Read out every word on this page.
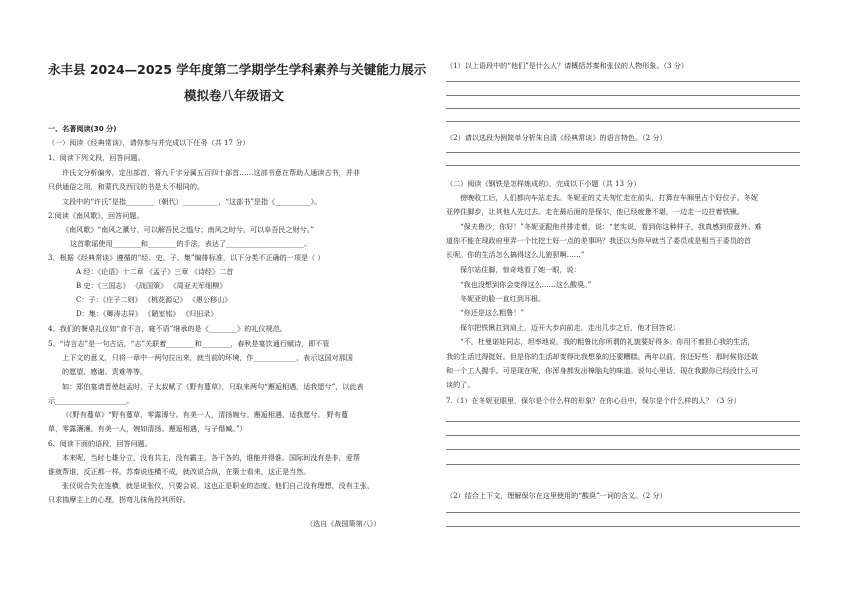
永丰县 2024—2025 学年度第二学期学生学科素养与关键能力展示
模拟卷八年级语文
一、名著阅读(30 分)
（一）阅读《经典常谈》，请你参与并完成以下任务（共 17 分）
1、阅读下列文段，回答问题。
许氏文分析偏旁，定出部首，将九千字分属五百四十部首……这部书意在帮助人通读古书，并非
只供通俗之用，和蒙代及西汉的书是大不相同的。
文段中的“许氏”是指________（朝代）__________，“这部书”是指《__________》。
2.阅读《南风歌》，回答问题。
《南风歌》“南风之薰兮，可以解吾民之愠兮；南风之时兮，可以阜吾民之财兮。”
这首歌谣使用________和________的手法，表达了______________________。
3、根据《经典常谈》遵循的“经、史、子、集”编排标准，以下分类不正确的一项是（ ）
A 经：《论语》十二章 《孟子》三章 《诗经》二首
B 史：《三国志》 《战国策》 《周亚夫军细柳》
C：子：《庄子二则》 《桃花源记》 《愚公移山》
D：集：《卿涛志异》 《陋室铭》 《归田录》
4、我们的餐桌礼仪如“食不言，寝不语”继承的是《________》的礼仪规范。
5、“诗言志”是一句古话，“志”关联着________和________，春秋是宴饮通行赋诗，即不管
上下文的意义，只将一章中一两句拉出来，就当前的环境，作____________，表示这国对那国
的愿望、感谢、责难等等。
如：郑伯宴请晋使赵孟时，子太叔赋了《野有蔓草》，只取来两句“邂逅相遇，适我愿兮”，以此表
示____________________。
（《野有蔓草》“野有蔓草，零露漙兮。有美一人，清扬婉兮。邂逅相遇，适我愿兮。 野有蔓
草，零露瀼瀼。有美一人，婉如清扬。邂逅相遇，与子偕臧。”）
6、阅读下面的语段，回答问题。
本来呢，当时七雄分立，没有共主，没有霸主，各干各的，谁能并得谁。国际间没有是非，爱帮
谁就帮谁，反正都一样。苏秦说连横不成，就改说合纵，在策士看来，这正是当然。
张仪说合失在连横，就是说张仪，只要会说，这也正是职业的态度。他们自己没有理想，没有主张，
只求揣摩主上的心理，拐弯儿抹角投其所好。
（选自《战国策第八》）
（1）以上语段中的“他们”是什么人？请概括苏秦和张仪的人物形象。（3 分）
（2）请以选段为例简单分析朱自清《经典常谈》的语言特色。（2 分）
（二）阅读《钢铁是怎样炼成的》，完成以下小题（共 13 分）
傍晚收工后，人们都向车站走去。冬妮亚的丈夫匆忙走在前头，打算在车厢里占个好位子。冬妮
亚停住脚步，让其他人先过去。走在最后面的是保尔，他已经疲惫不堪，一边走一边拄着铁锹。
“保夫鲁沙，你好！”冬妮亚跟他并排走着，说：“老实说，看到你这种样子，我真感到很意外。难
道你不能在现政府里弄一个比挖土好一点的差事吗？我还以为你早就当了委员或是相当于委员的首
长呢。你的生活怎么搞得这么儿狼狈啊……”
保尔站住脚，惊奇地看了她一眼，说：
“我也没想到你会变得这么……这么酸臭。”
冬妮亚的脸一直红到耳根。
“你还是这么粗鲁！”
保尔把铁锹扛到肩上，迈开大步向前走。走出几步之后，他才回答说：
“不，杜曼诺娃同志，坦率地说，我的粗鲁比你所谓的礼貌要好得多。你用不着担心我的生活，
我的生活过得挺好。但是你的生活却变得比我想象的还要糟糕。两年以前，你还好些：那时候你还敢
和一个工人握手。可是现在呢，你浑身都发出樟脑丸的味道。说句心里话，现在我跟你已经没什么可
谈的了。
7.（1）在冬妮亚眼里，保尔是个什么样的形象？在你心目中，保尔是个什么样的人？（3 分）
（2）结合上下文，理解保尔在这里使用的“酸臭”一词的含义。（2 分）
